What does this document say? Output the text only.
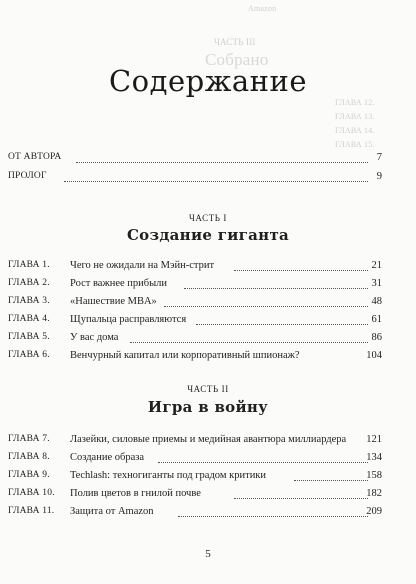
Amazon
ЧАСТЬ III
Собрано
ГЛАВА 12.
ГЛАВА 13.
ГЛАВА 14.
ГЛАВА 15.
Содержание
ОТ АВТОРА	7
ПРОЛОГ	9
ЧАСТЬ I
Создание гиганта
ГЛАВА 1. Чего не ожидали на Мэйн-стрит	21
ГЛАВА 2. Рост важнее прибыли	31
ГЛАВА 3. «Нашествие MBA»	48
ГЛАВА 4. Щупальца расправляются	61
ГЛАВА 5. У вас дома	86
ГЛАВА 6. Венчурный капитал или корпоративный шпионаж?	104
ЧАСТЬ II
Игра в войну
ГЛАВА 7. Лазейки, силовые приемы и медийная авантюра миллиардера 121
ГЛАВА 8. Создание образа	134
ГЛАВА 9. Techlash: техногиганты под градом критики	158
ГЛАВА 10. Полив цветов в гнилой почве	182
ГЛАВА 11. Защита от Amazon	209
5
